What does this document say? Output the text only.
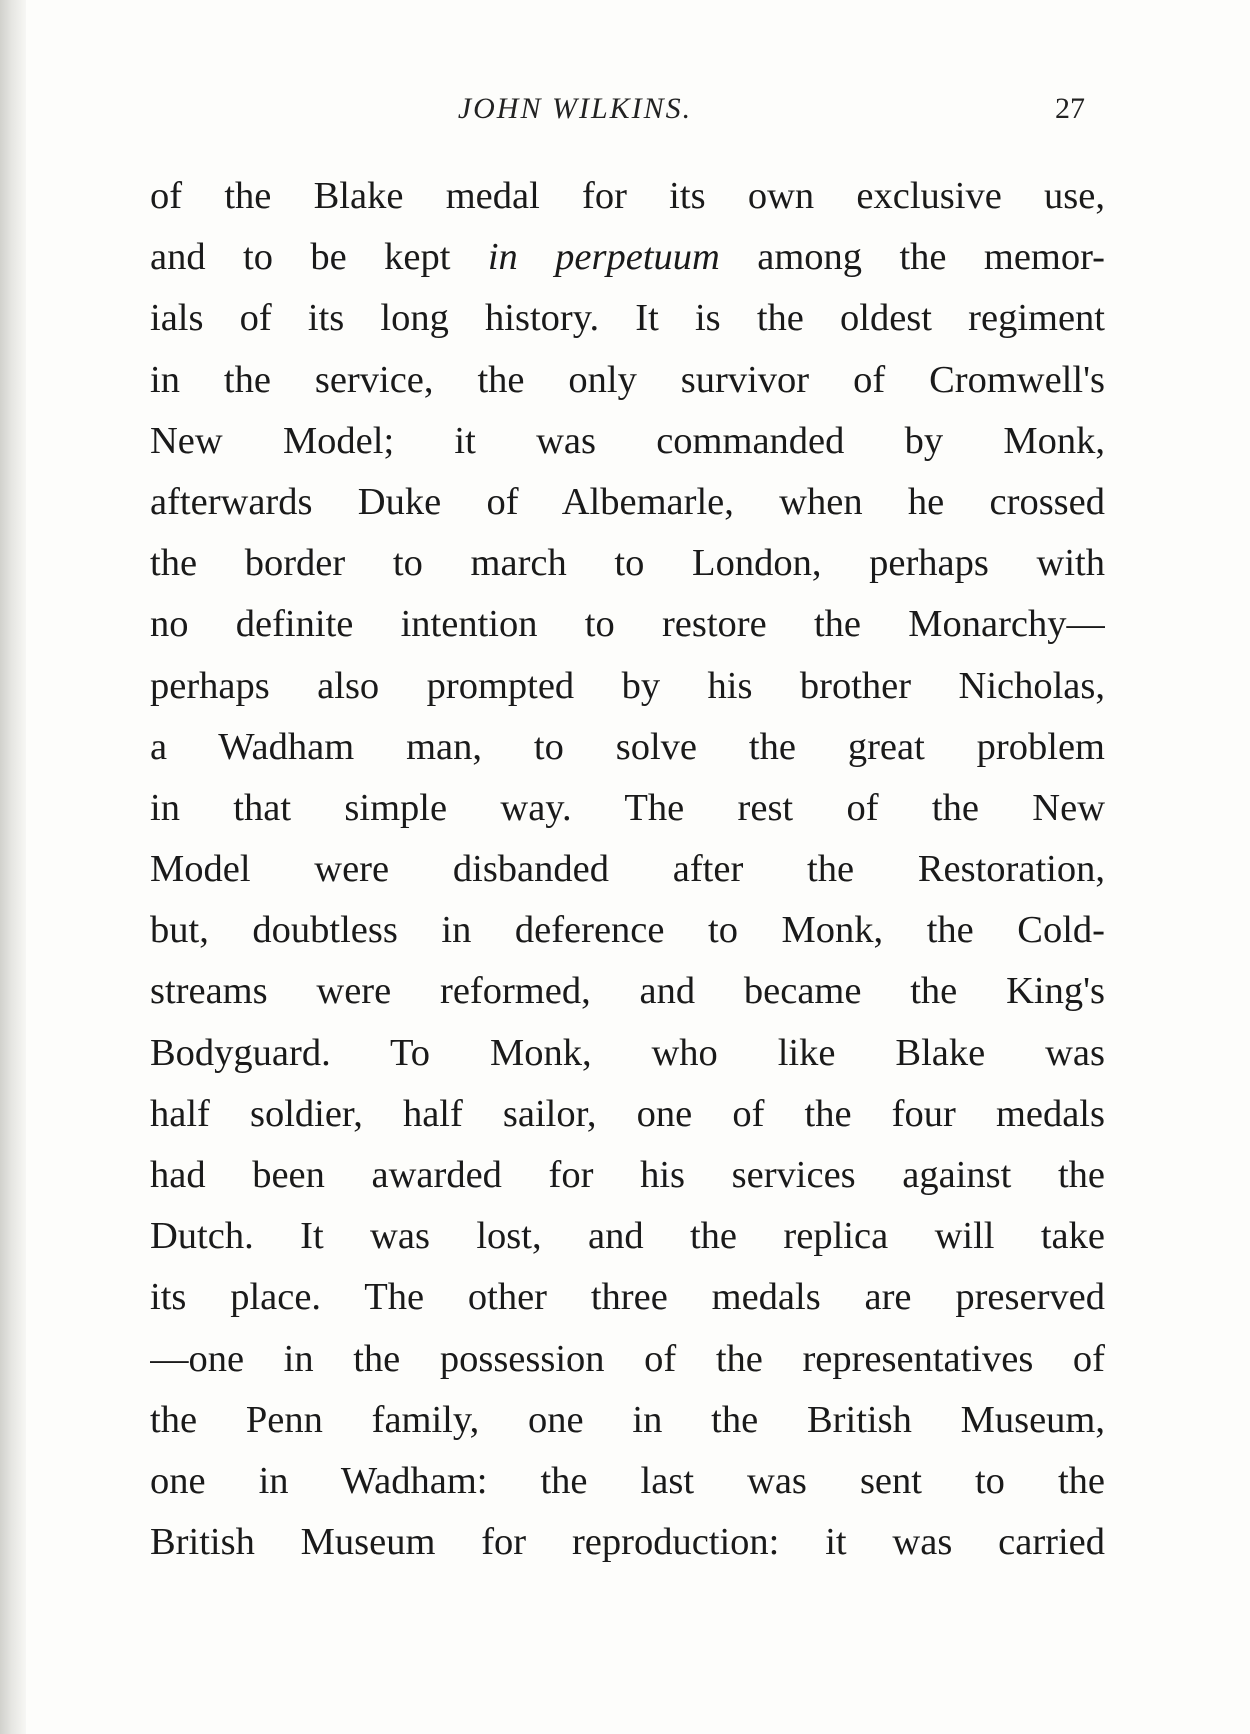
JOHN WILKINS.	27
of the Blake medal for its own exclusive use,
and to be kept in perpetuum among the memor-
ials of its long history. It is the oldest regiment
in the service, the only survivor of Cromwell's
New Model; it was commanded by Monk,
afterwards Duke of Albemarle, when he crossed
the border to march to London, perhaps with
no definite intention to restore the Monarchy—
perhaps also prompted by his brother Nicholas,
a Wadham man, to solve the great problem
in that simple way. The rest of the New
Model were disbanded after the Restoration,
but, doubtless in deference to Monk, the Cold-
streams were reformed, and became the King's
Bodyguard. To Monk, who like Blake was
half soldier, half sailor, one of the four medals
had been awarded for his services against the
Dutch. It was lost, and the replica will take
its place. The other three medals are preserved
—one in the possession of the representatives of
the Penn family, one in the British Museum,
one in Wadham: the last was sent to the
British Museum for reproduction: it was carried
